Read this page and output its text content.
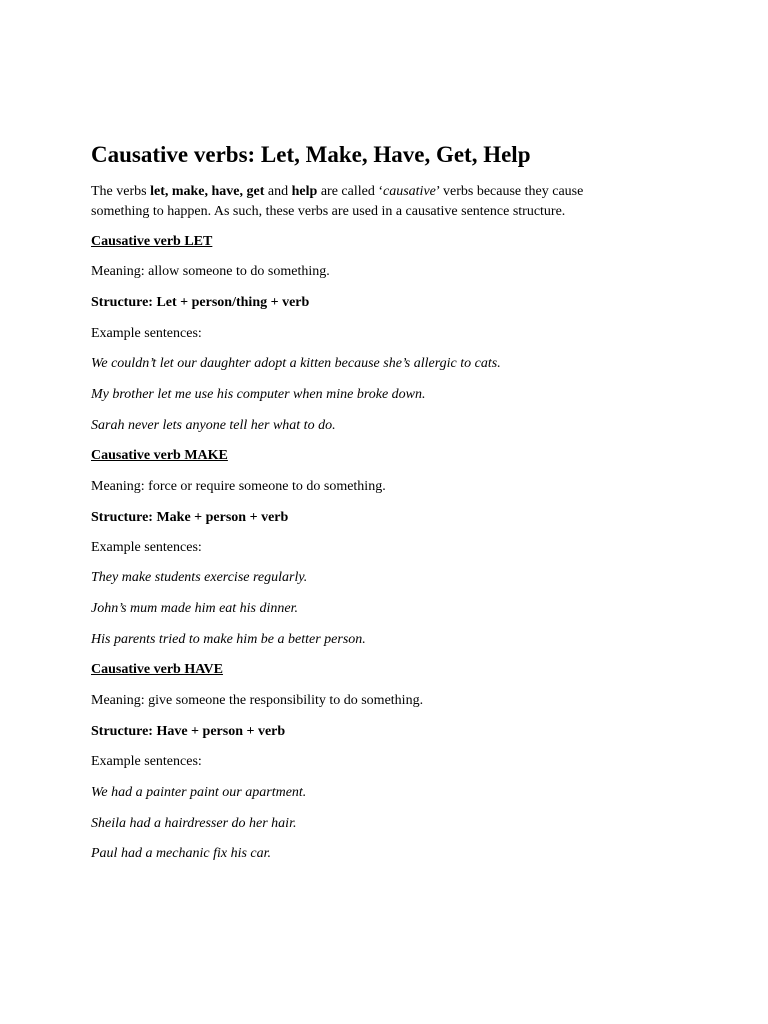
Causative verbs: Let, Make, Have, Get, Help

The verbs let, make, have, get and help are called ‘causative’ verbs because they cause

something to happen. As such, these verbs are used in a causative sentence structure.

Causative verb LET

Meaning: allow someone to do something.

Structure: Let + person/thing + verb

Example sentences:

We couldn’t let our daughter adopt a kitten because she’s allergic to cats.

My brother let me use his computer when mine broke down.

Sarah never lets anyone tell her what to do.

Causative verb MAKE

Meaning: force or require someone to do something.

Structure: Make + person + verb

Example sentences:

They make students exercise regularly.

John’s mum made him eat his dinner.

His parents tried to make him be a better person.

Causative verb HAVE

Meaning: give someone the responsibility to do something.

Structure: Have + person + verb

Example sentences:

We had a painter paint our apartment.

Sheila had a hairdresser do her hair.

Paul had a mechanic fix his car.
